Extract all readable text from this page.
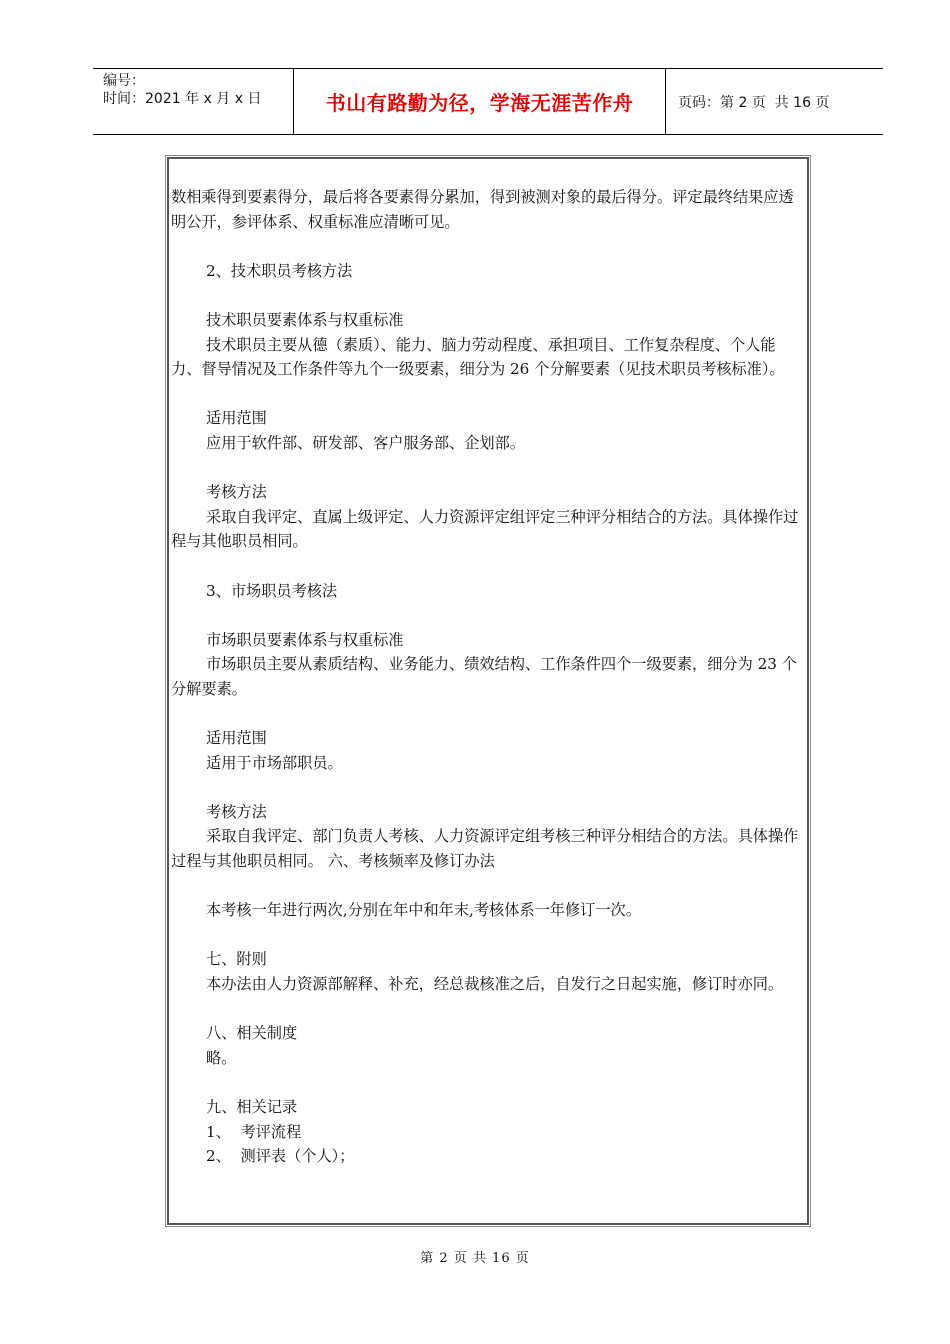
编号：
时间：2021 年 x 月 x 日	书山有路勤为径，学海无涯苦作舟	页码：第 2 页  共 16 页

数相乘得到要素得分，最后将各要素得分累加，得到被测对象的最后得分。评定最终结果应透明公开，参评体系、权重标准应清晰可见。

2、技术职员考核方法

技术职员要素体系与权重标准

技术职员主要从德（素质）、能力、脑力劳动程度、承担项目、工作复杂程度、个人能力、督导情况及工作条件等九个一级要素，细分为 26 个分解要素（见技术职员考核标准）。

适用范围

应用于软件部、研发部、客户服务部、企划部。

考核方法

采取自我评定、直属上级评定、人力资源评定组评定三种评分相结合的方法。具体操作过程与其他职员相同。

3、市场职员考核法

市场职员要素体系与权重标准

市场职员主要从素质结构、业务能力、绩效结构、工作条件四个一级要素，细分为 23 个分解要素。

适用范围

适用于市场部职员。

考核方法

采取自我评定、部门负责人考核、人力资源评定组考核三种评分相结合的方法。具体操作过程与其他职员相同。 六、考核频率及修订办法

本考核一年进行两次,分别在年中和年末,考核体系一年修订一次。

七、附则

本办法由人力资源部解释、补充，经总裁核准之后，自发行之日起实施，修订时亦同。

八、相关制度

略。

九、相关记录

1、  考评流程

2、  测评表（个人）；

第 2 页 共 16 页
